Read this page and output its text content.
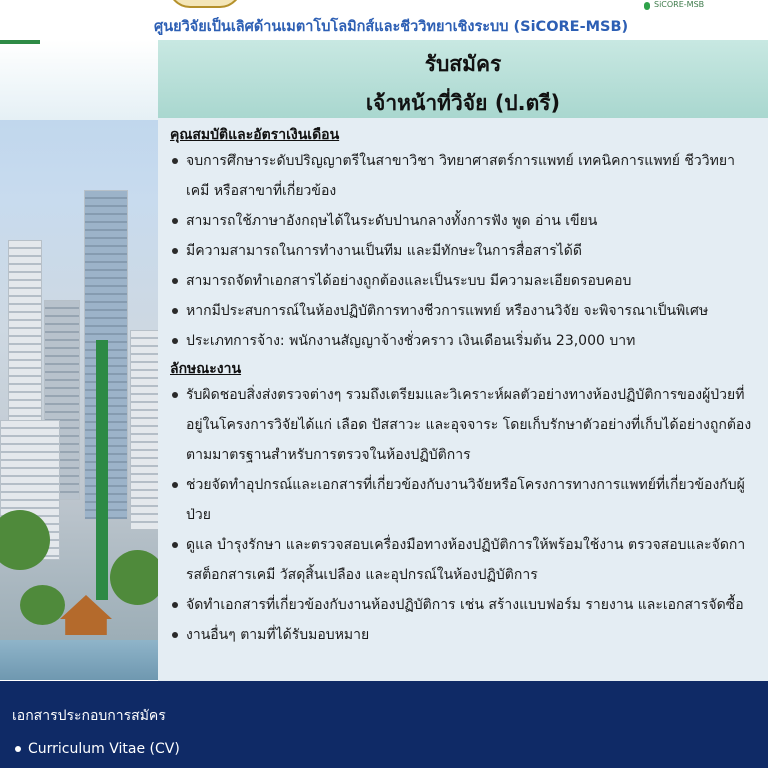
ศูนยวิจัยเป็นเลิศด้านเมตาโบโลมิกส์และชีววิทยาเชิงระบบ (SiCORE-MSB)
SiCORE-MSB
รับสมัคร
เจ้าหน้าที่วิจัย (ป.ตรี)
คุณสมบัติและอัตราเงินเดือน
จบการศึกษาระดับปริญญาตรีในสาขาวิชา วิทยาศาสตร์การแพทย์ เทคนิคการแพทย์ ชีววิทยา เคมี หรือสาขาที่เกี่ยวข้อง
สามารถใช้ภาษาอังกฤษได้ในระดับปานกลางทั้งการฟัง พูด อ่าน เขียน
มีความสามารถในการทำงานเป็นทีม และมีทักษะในการสื่อสารได้ดี
สามารถจัดทำเอกสารได้อย่างถูกต้องและเป็นระบบ มีความละเอียดรอบคอบ
หากมีประสบการณ์ในห้องปฏิบัติการทางชีวการแพทย์ หรืองานวิจัย จะพิจารณาเป็นพิเศษ
ประเภทการจ้าง: พนักงานสัญญาจ้างชั่วคราว เงินเดือนเริ่มต้น 23,000 บาท
ลักษณะงาน
รับผิดชอบสิ่งส่งตรวจต่างๆ รวมถึงเตรียมและวิเคราะห์ผลตัวอย่างทางห้องปฏิบัติการของผู้ป่วยที่อยู่ในโครงการวิจัยได้แก่ เลือด ปัสสาวะ และอุจจาระ โดยเก็บรักษาตัวอย่างที่เก็บได้อย่างถูกต้องตามมาตรฐานสำหรับการตรวจในห้องปฏิบัติการ
ช่วยจัดทำอุปกรณ์และเอกสารที่เกี่ยวข้องกับงานวิจัยหรือโครงการทางการแพทย์ที่เกี่ยวข้องกับผู้ป่วย
ดูแล บำรุงรักษา และตรวจสอบเครื่องมือทางห้องปฏิบัติการให้พร้อมใช้งาน ตรวจสอบและจัดการสต็อกสารเคมี วัสดุสิ้นเปลือง และอุปกรณ์ในห้องปฏิบัติการ
จัดทำเอกสารที่เกี่ยวข้องกับงานห้องปฏิบัติการ เช่น สร้างแบบฟอร์ม รายงาน และเอกสารจัดซื้อ
งานอื่นๆ ตามที่ได้รับมอบหมาย
เอกสารประกอบการสมัคร
Curriculum Vitae (CV)
